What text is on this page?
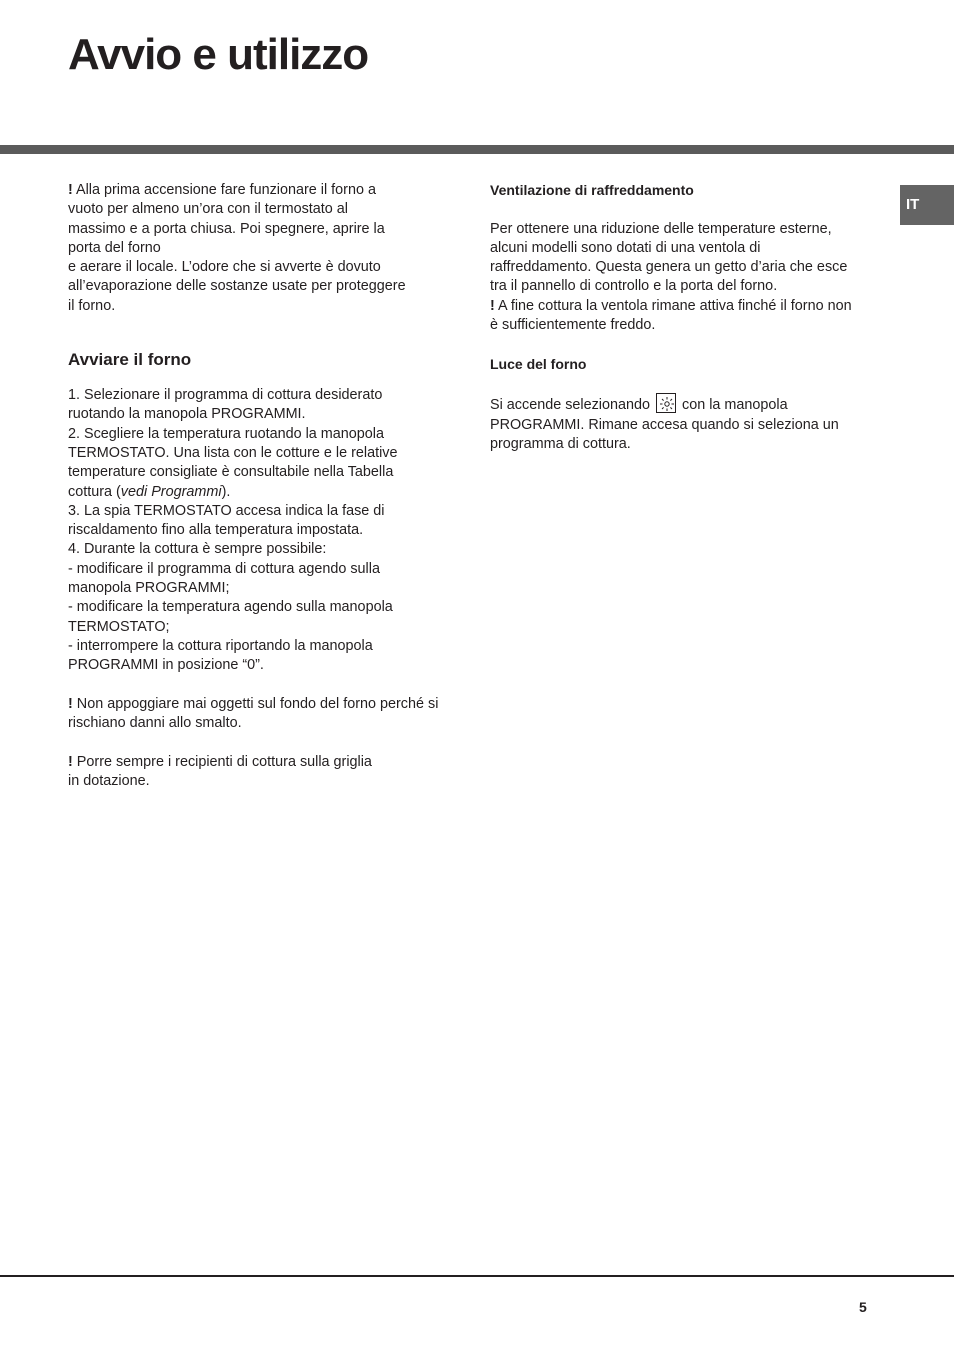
Avvio e utilizzo
IT
! Alla prima accensione fare funzionare il forno a
vuoto per almeno un’ora con il termostato al
massimo e a porta chiusa. Poi spegnere, aprire la
porta del forno
e aerare il locale. L’odore che si avverte è dovuto
all’evaporazione delle sostanze usate per proteggere
il forno.
Avviare il forno

1. Selezionare il programma di cottura desiderato ruotando la manopola PROGRAMMI.

2. Scegliere la temperatura ruotando la manopola TERMOSTATO. Una lista con le cotture e le relative temperature consigliate è consultabile nella Tabella cottura (vedi Programmi).

3. La spia TERMOSTATO accesa indica la fase di riscaldamento fino alla temperatura impostata.

4. Durante la cottura è sempre possibile:

- modificare il programma di cottura agendo sulla manopola PROGRAMMI;

- modificare la temperatura agendo sulla manopola TERMOSTATO;

- interrompere la cottura riportando la manopola PROGRAMMI in posizione “0”.

! Non appoggiare mai oggetti sul fondo del forno perché si rischiano danni allo smalto.

! Porre sempre i recipienti di cottura sulla griglia
in dotazione.

Ventilazione di raffreddamento

Per ottenere una riduzione delle temperature esterne, alcuni modelli sono dotati di una ventola di raffreddamento. Questa genera un getto d’aria che esce tra il pannello di controllo e la porta del forno.

! A fine cottura la ventola rimane attiva finché il forno non è sufficientemente freddo.

Luce del forno

Si accende selezionando con la manopola PROGRAMMI. Rimane accesa quando si seleziona un programma di cottura.

5
